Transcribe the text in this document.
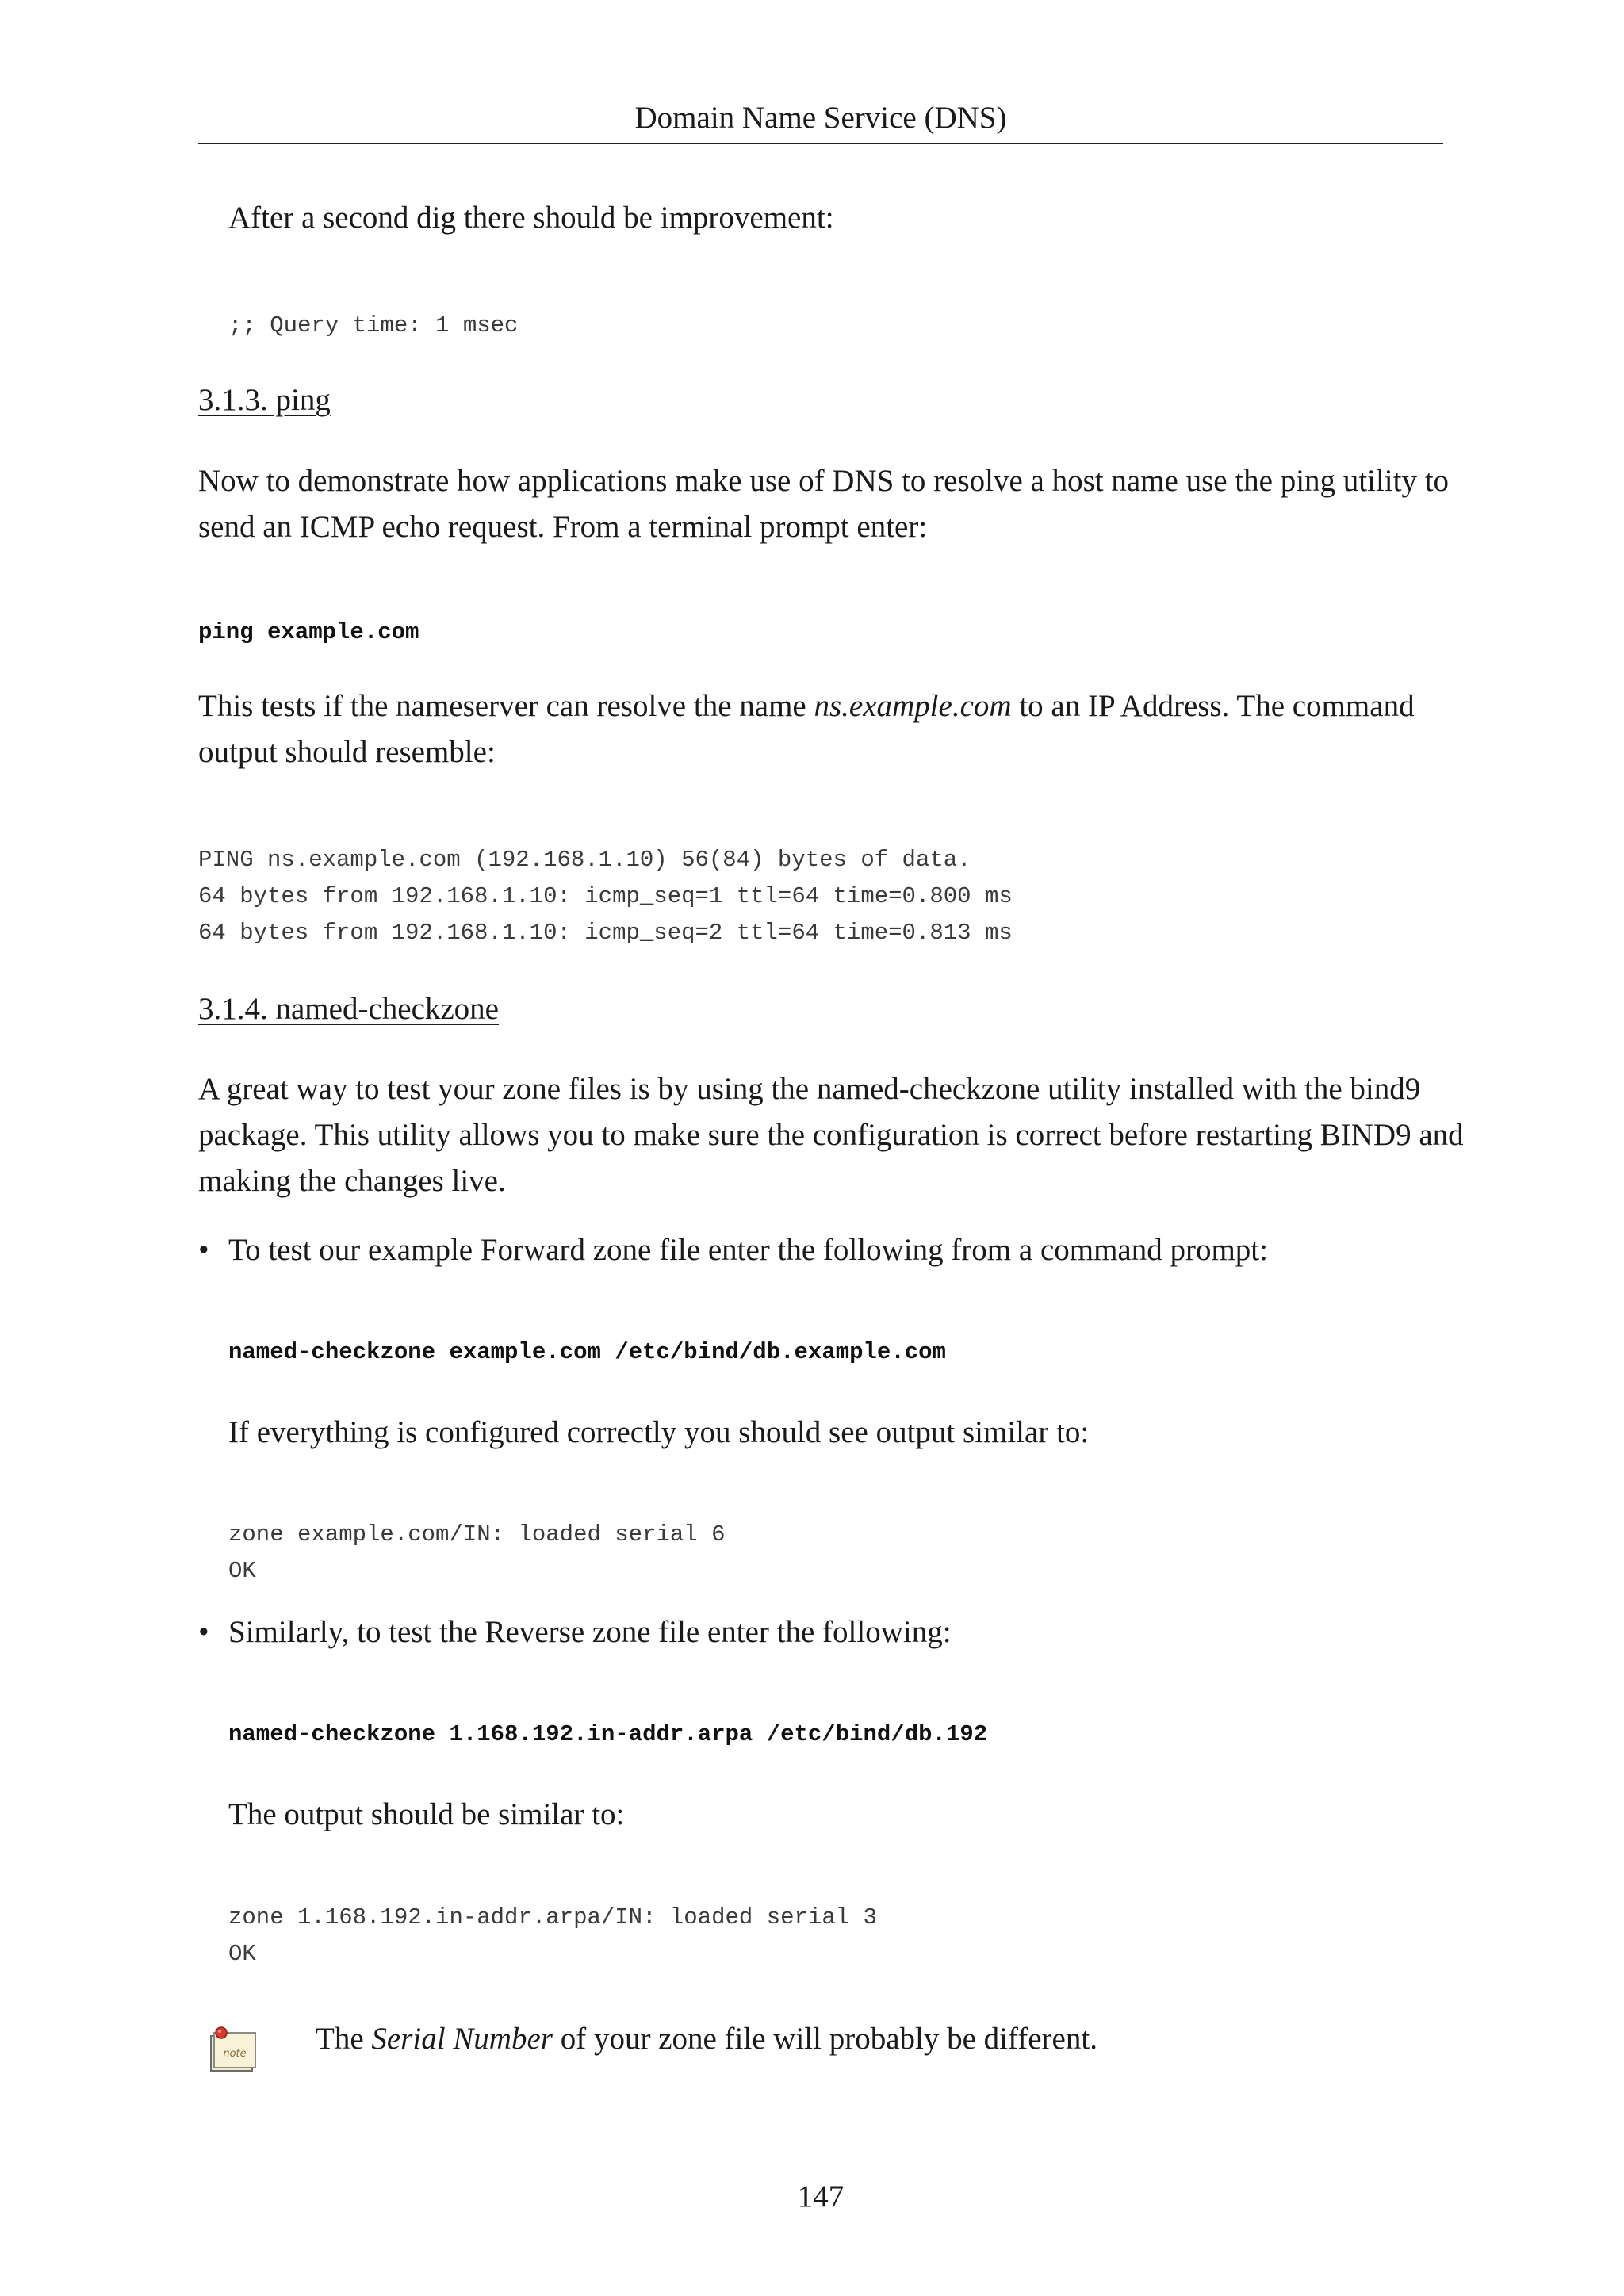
Domain Name Service (DNS)

After a second dig there should be improvement:

;; Query time: 1 msec
3.1.3. ping

Now to demonstrate how applications make use of DNS to resolve a host name use the ping utility to

send an ICMP echo request. From a terminal prompt enter:

ping example.com

This tests if the nameserver can resolve the name ns.example.com to an IP Address. The command

output should resemble:

PING ns.example.com (192.168.1.10) 56(84) bytes of data.
64 bytes from 192.168.1.10: icmp_seq=1 ttl=64 time=0.800 ms
64 bytes from 192.168.1.10: icmp_seq=2 ttl=64 time=0.813 ms
3.1.4. named-checkzone

A great way to test your zone files is by using the named-checkzone utility installed with the bind9

package. This utility allows you to make sure the configuration is correct before restarting BIND9 and

making the changes live.

• To test our example Forward zone file enter the following from a command prompt:

named-checkzone example.com /etc/bind/db.example.com

If everything is configured correctly you should see output similar to:

zone example.com/IN: loaded serial 6
OK
• Similarly, to test the Reverse zone file enter the following:

named-checkzone 1.168.192.in-addr.arpa /etc/bind/db.192

The output should be similar to:

zone 1.168.192.in-addr.arpa/IN: loaded serial 3
OK
note The Serial Number of your zone file will probably be different.

147
